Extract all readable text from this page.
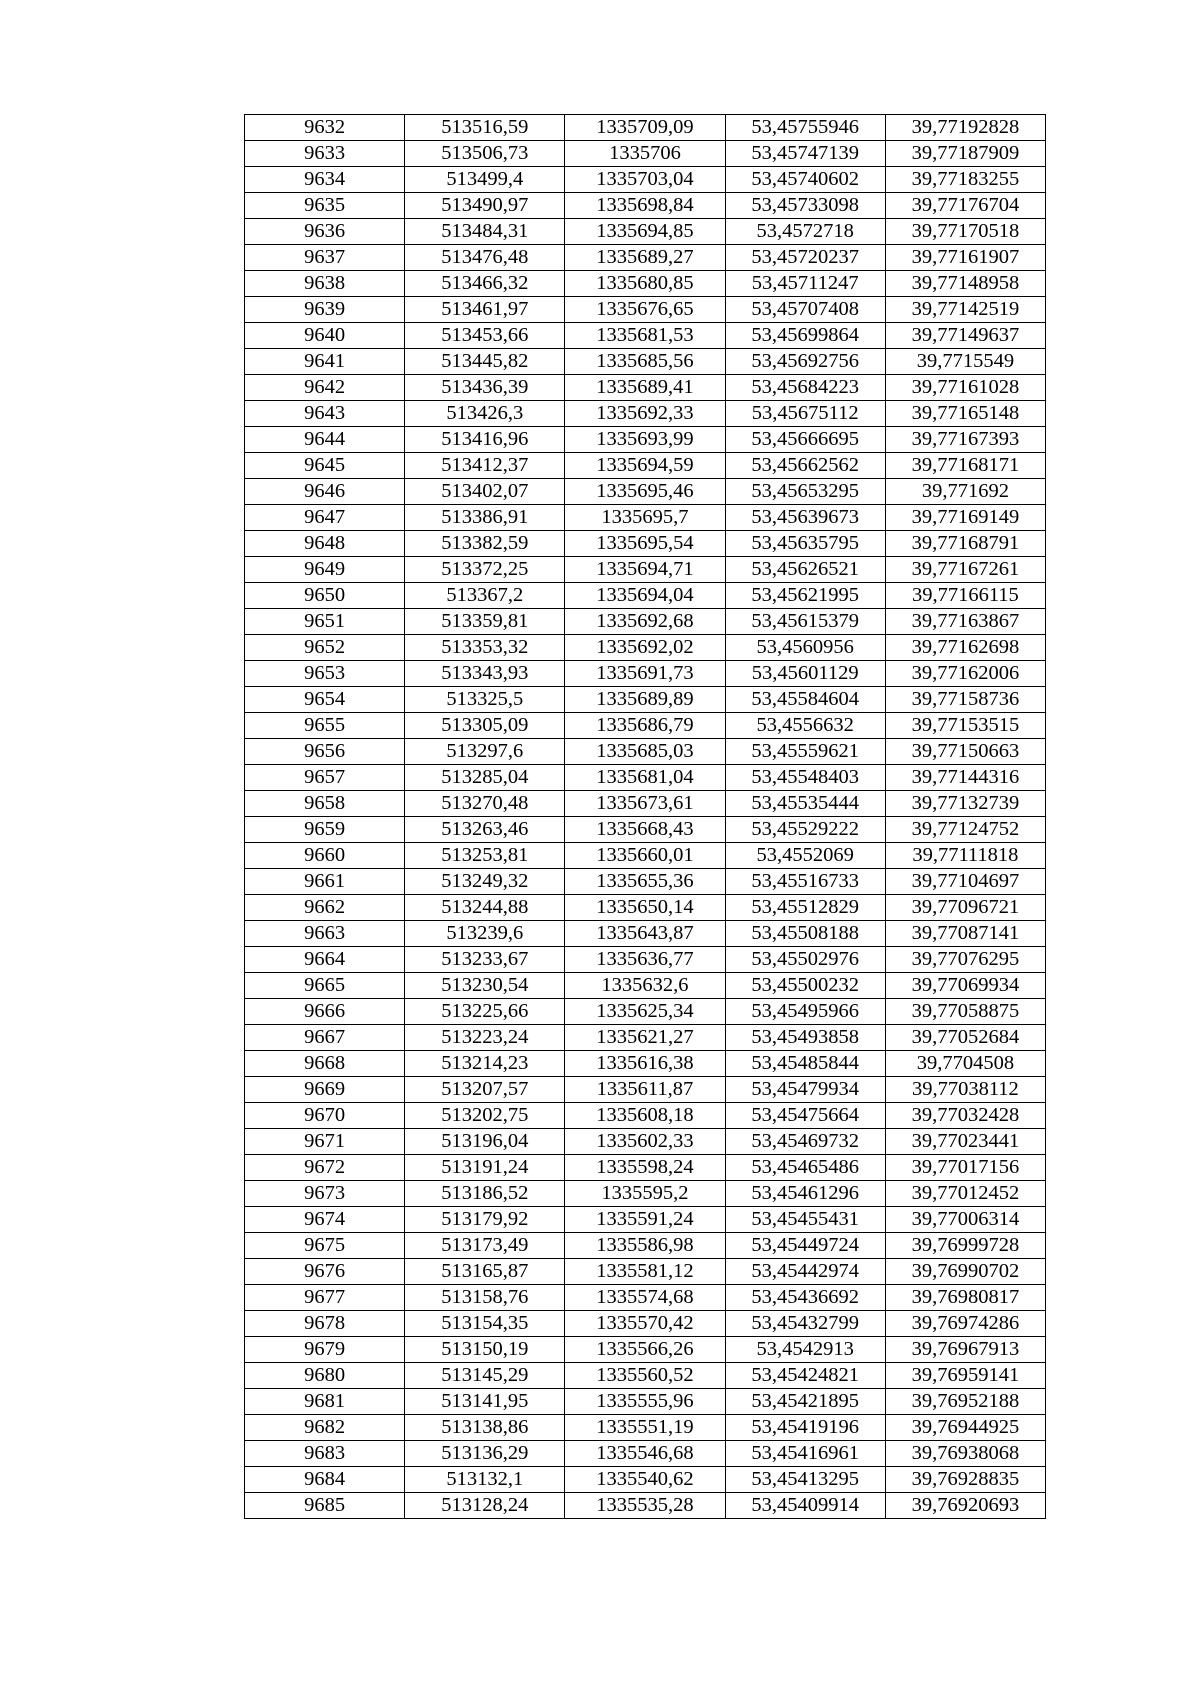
9632	513516,59	1335709,09	53,45755946	39,77192828
9633	513506,73	1335706	53,45747139	39,77187909
9634	513499,4	1335703,04	53,45740602	39,77183255
9635	513490,97	1335698,84	53,45733098	39,77176704
9636	513484,31	1335694,85	53,4572718	39,77170518
9637	513476,48	1335689,27	53,45720237	39,77161907
9638	513466,32	1335680,85	53,45711247	39,77148958
9639	513461,97	1335676,65	53,45707408	39,77142519
9640	513453,66	1335681,53	53,45699864	39,77149637
9641	513445,82	1335685,56	53,45692756	39,7715549
9642	513436,39	1335689,41	53,45684223	39,77161028
9643	513426,3	1335692,33	53,45675112	39,77165148
9644	513416,96	1335693,99	53,45666695	39,77167393
9645	513412,37	1335694,59	53,45662562	39,77168171
9646	513402,07	1335695,46	53,45653295	39,771692
9647	513386,91	1335695,7	53,45639673	39,77169149
9648	513382,59	1335695,54	53,45635795	39,77168791
9649	513372,25	1335694,71	53,45626521	39,77167261
9650	513367,2	1335694,04	53,45621995	39,77166115
9651	513359,81	1335692,68	53,45615379	39,77163867
9652	513353,32	1335692,02	53,4560956	39,77162698
9653	513343,93	1335691,73	53,45601129	39,77162006
9654	513325,5	1335689,89	53,45584604	39,77158736
9655	513305,09	1335686,79	53,4556632	39,77153515
9656	513297,6	1335685,03	53,45559621	39,77150663
9657	513285,04	1335681,04	53,45548403	39,77144316
9658	513270,48	1335673,61	53,45535444	39,77132739
9659	513263,46	1335668,43	53,45529222	39,77124752
9660	513253,81	1335660,01	53,4552069	39,77111818
9661	513249,32	1335655,36	53,45516733	39,77104697
9662	513244,88	1335650,14	53,45512829	39,77096721
9663	513239,6	1335643,87	53,45508188	39,77087141
9664	513233,67	1335636,77	53,45502976	39,77076295
9665	513230,54	1335632,6	53,45500232	39,77069934
9666	513225,66	1335625,34	53,45495966	39,77058875
9667	513223,24	1335621,27	53,45493858	39,77052684
9668	513214,23	1335616,38	53,45485844	39,7704508
9669	513207,57	1335611,87	53,45479934	39,77038112
9670	513202,75	1335608,18	53,45475664	39,77032428
9671	513196,04	1335602,33	53,45469732	39,77023441
9672	513191,24	1335598,24	53,45465486	39,77017156
9673	513186,52	1335595,2	53,45461296	39,77012452
9674	513179,92	1335591,24	53,45455431	39,77006314
9675	513173,49	1335586,98	53,45449724	39,76999728
9676	513165,87	1335581,12	53,45442974	39,76990702
9677	513158,76	1335574,68	53,45436692	39,76980817
9678	513154,35	1335570,42	53,45432799	39,76974286
9679	513150,19	1335566,26	53,4542913	39,76967913
9680	513145,29	1335560,52	53,45424821	39,76959141
9681	513141,95	1335555,96	53,45421895	39,76952188
9682	513138,86	1335551,19	53,45419196	39,76944925
9683	513136,29	1335546,68	53,45416961	39,76938068
9684	513132,1	1335540,62	53,45413295	39,76928835
9685	513128,24	1335535,28	53,45409914	39,76920693
